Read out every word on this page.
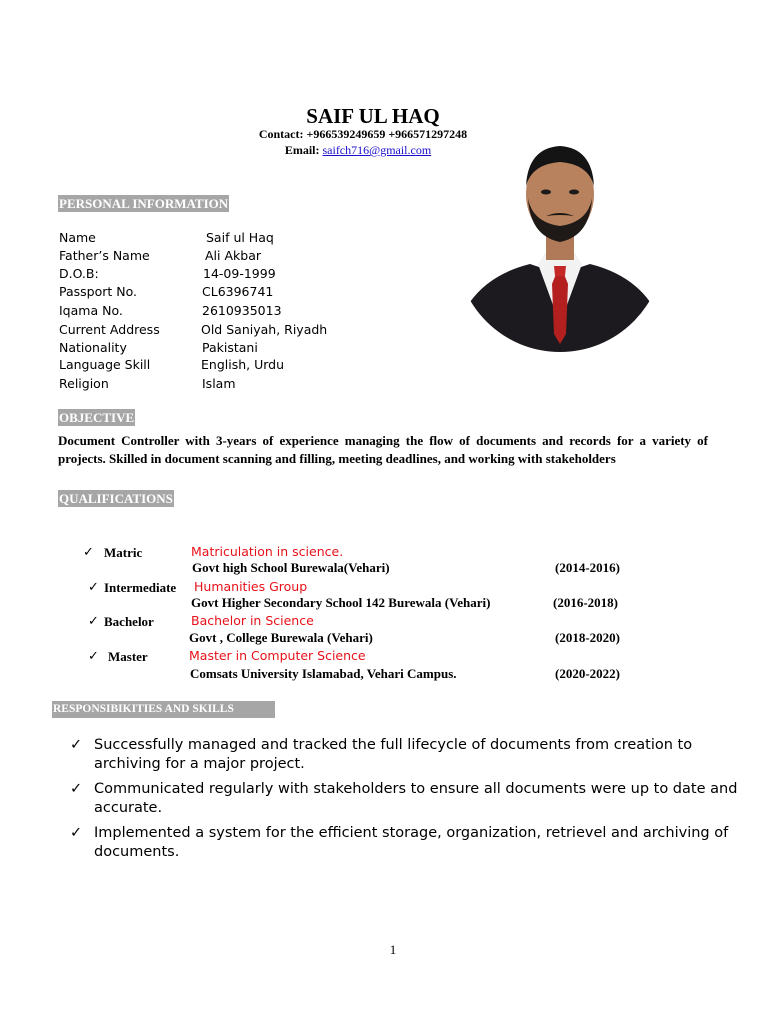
SAIF UL HAQ
Contact: +966539249659 +966571297248
Email: saifch716@gmail.com
PERSONAL INFORMATION
Name	Saif ul Haq
Father’s Name	Ali Akbar
D.O.B:	14-09-1999
Passport No.	CL6396741
Iqama No.	2610935013
Current Address	Old Saniyah, Riyadh
Nationality	Pakistani
Language Skill	English, Urdu
Religion	Islam
OBJECTIVE
Document Controller with 3-years of experience managing the flow of documents and records for a variety of projects. Skilled in document scanning and filling, meeting deadlines, and working with stakeholders
QUALIFICATIONS
✓ Matric	Matriculation in science.
Govt high School Burewala(Vehari)	(2014-2016)
✓ Intermediate Humanities Group
Govt Higher Secondary School 142 Burewala (Vehari)	(2016-2018)
✓ Bachelor	Bachelor in Science
Govt , College Burewala (Vehari)	(2018-2020)
✓ Master	Master in Computer Science
Comsats University Islamabad, Vehari Campus.	(2020-2022)
RESPONSIBIKITIES AND SKILLS
✓ Successfully managed and tracked the full lifecycle of documents from creation to archiving for a major project.
✓ Communicated regularly with stakeholders to ensure all documents were up to date and accurate.
✓ Implemented a system for the efficient storage, organization, retrievel and archiving of documents.
1
